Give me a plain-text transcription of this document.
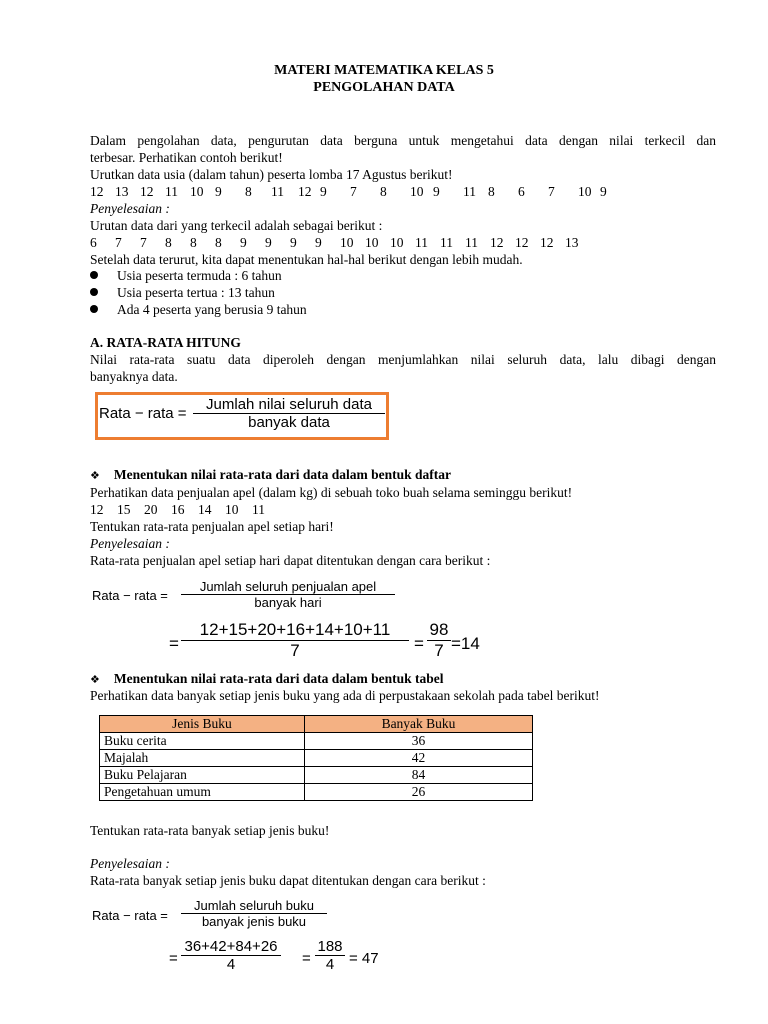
MATERI MATEMATIKA KELAS 5
PENGOLAHAN DATA
Dalam pengolahan data, pengurutan data berguna untuk mengetahui data dengan nilai terkecil dan
terbesar. Perhatikan contoh berikut!
Urutkan data usia (dalam tahun) peserta lomba 17 Agustus berikut!
12 13 12 11 10 9 8 11 12 9 7 8 10 9 11 8 6 7 10 9
Penyelesaian :
Urutan data dari yang terkecil adalah sebagai berikut :
6 7 7 8 8 8 9 9 9 9 10 10 10 11 11 11 12 12 12 13
Setelah data terurut, kita dapat menentukan hal-hal berikut dengan lebih mudah.
Usia peserta termuda : 6 tahun
Usia peserta tertua : 13 tahun
Ada 4 peserta yang berusia 9 tahun
A. RATA-RATA HITUNG
Nilai rata-rata suatu data diperoleh dengan menjumlahkan nilai seluruh data, lalu dibagi dengan
banyaknya data.
Rata − rata =
Jumlah nilai seluruh data
banyak data
❖ Menentukan nilai rata-rata dari data dalam bentuk daftar
Perhatikan data penjualan apel (dalam kg) di sebuah toko buah selama seminggu berikut!
12 15 20 16 14 10 11
Tentukan rata-rata penjualan apel setiap hari!
Penyelesaian :
Rata-rata penjualan apel setiap hari dapat ditentukan dengan cara berikut :
Rata − rata =
Jumlah seluruh penjualan apel
banyak hari
=
12+15+20+16+14+10+11
7	=
98
7 =14
❖ Menentukan nilai rata-rata dari data dalam bentuk tabel
Perhatikan data banyak setiap jenis buku yang ada di perpustakaan sekolah pada tabel berikut!
Jenis Buku	Banyak Buku
Buku cerita	36
Majalah	42
Buku Pelajaran	84
Pengetahuan umum	26
Tentukan rata-rata banyak setiap jenis buku!
Penyelesaian :
Rata-rata banyak setiap jenis buku dapat ditentukan dengan cara berikut :
Rata − rata =
Jumlah seluruh buku
banyak jenis buku
=
36+42+84+26
4	=
188
4 = 47
